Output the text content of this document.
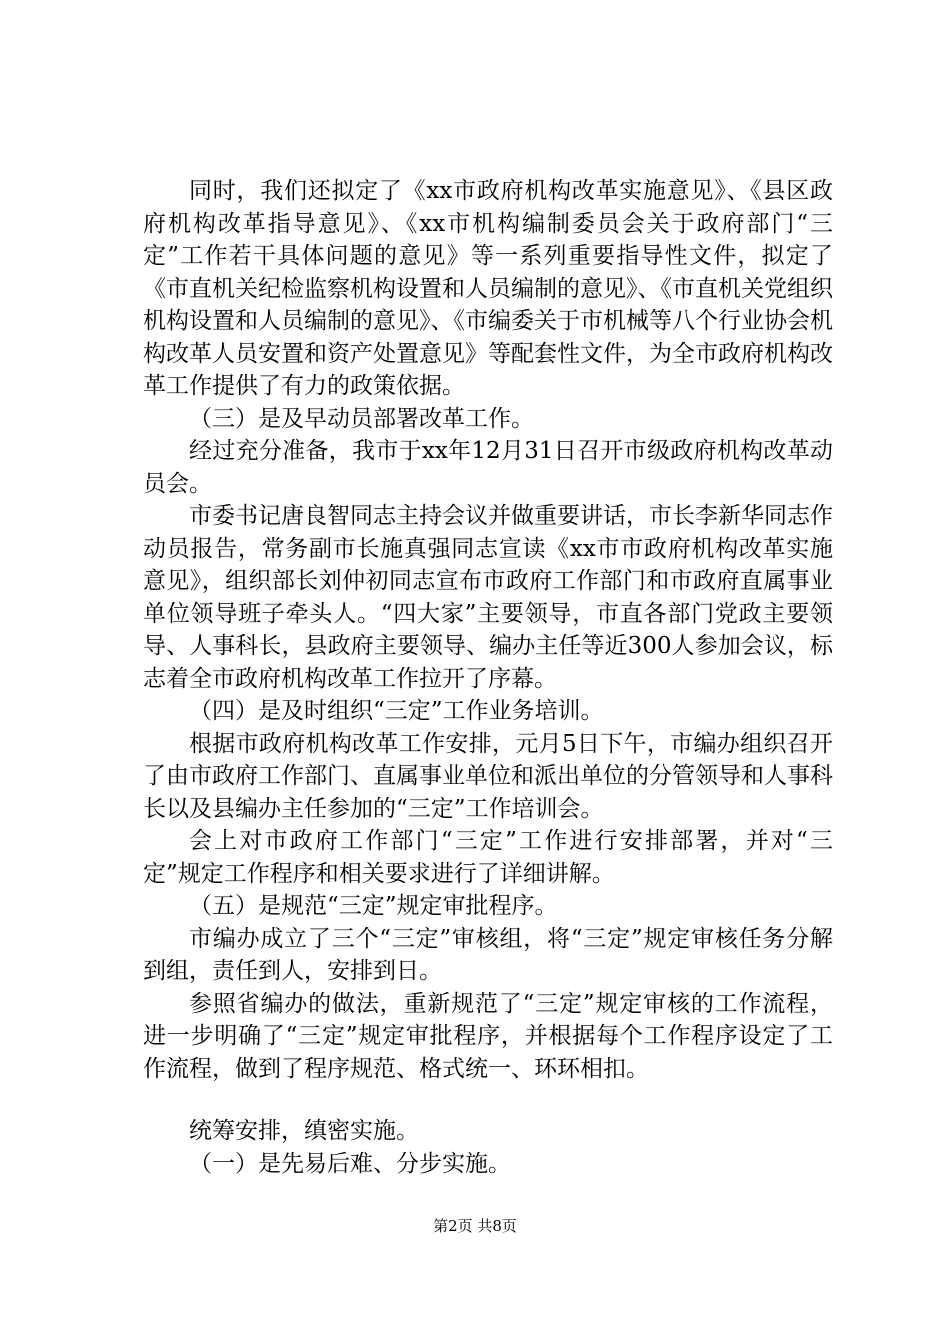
同时，我们还拟定了《xx市政府机构改革实施意见》、《县区政府机构改革指导意见》、《xx市机构编制委员会关于政府部门“三定”工作若干具体问题的意见》等一系列重要指导性文件，拟定了《市直机关纪检监察机构设置和人员编制的意见》、《市直机关党组织机构设置和人员编制的意见》、《市编委关于市机械等八个行业协会机构改革人员安置和资产处置意见》等配套性文件，为全市政府机构改革工作提供了有力的政策依据。

（三）是及早动员部署改革工作。

经过充分准备，我市于xx年12月31日召开市级政府机构改革动员会。

市委书记唐良智同志主持会议并做重要讲话，市长李新华同志作动员报告，常务副市长施真强同志宣读《xx市市政府机构改革实施意见》，组织部长刘仲初同志宣布市政府工作部门和市政府直属事业单位领导班子牵头人。“四大家”主要领导，市直各部门党政主要领导、人事科长，县政府主要领导、编办主任等近300人参加会议，标志着全市政府机构改革工作拉开了序幕。

（四）是及时组织“三定”工作业务培训。

根据市政府机构改革工作安排，元月5日下午，市编办组织召开了由市政府工作部门、直属事业单位和派出单位的分管领导和人事科长以及县编办主任参加的“三定”工作培训会。

会上对市政府工作部门“三定”工作进行安排部署，并对“三定”规定工作程序和相关要求进行了详细讲解。

（五）是规范“三定”规定审批程序。

市编办成立了三个“三定”审核组，将“三定”规定审核任务分解到组，责任到人，安排到日。

参照省编办的做法，重新规范了“三定”规定审核的工作流程，进一步明确了“三定”规定审批程序，并根据每个工作程序设定了工作流程，做到了程序规范、格式统一、环环相扣。

统筹安排，缜密实施。

（一）是先易后难、分步实施。

第2页 共8页
